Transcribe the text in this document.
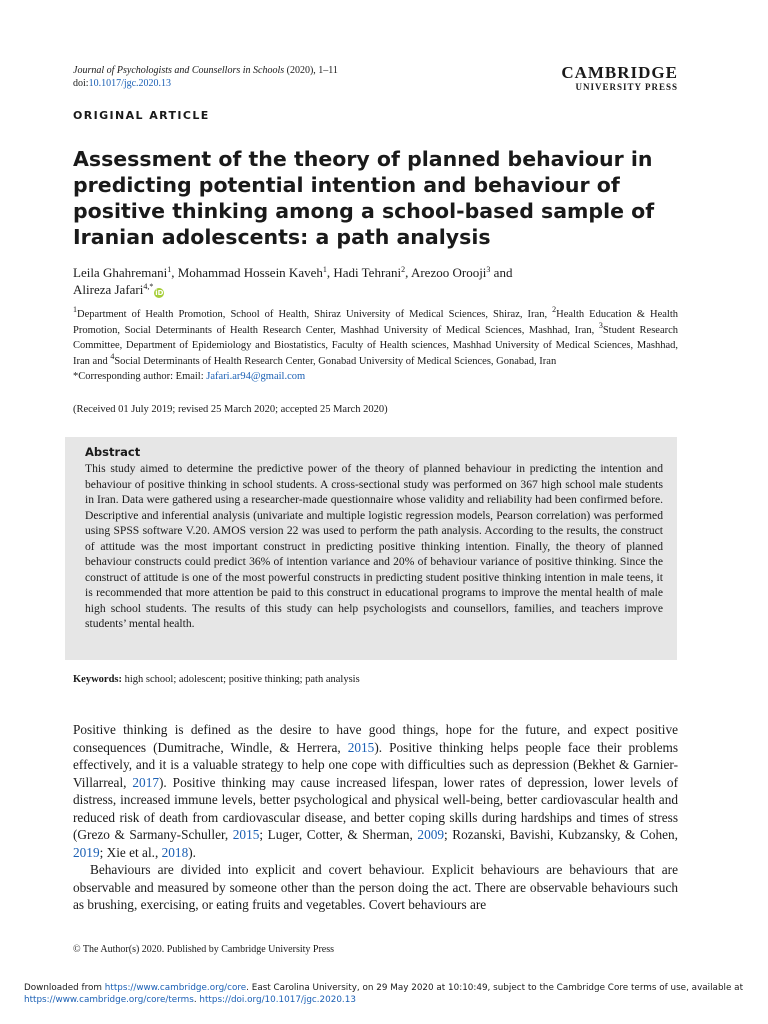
Journal of Psychologists and Counsellors in Schools (2020), 1–11
doi:10.1017/jgc.2020.13
CAMBRIDGE
UNIVERSITY PRESS
ORIGINAL ARTICLE
Assessment of the theory of planned behaviour in predicting potential intention and behaviour of positive thinking among a school-based sample of Iranian adolescents: a path analysis
Leila Ghahremani$^1$, Mohammad Hossein Kaveh$^1$, Hadi Tehrani$^2$, Arezoo Orooji$^3$ and
Alireza Jafari$^{4,*}$iD
$^1$Department of Health Promotion, School of Health, Shiraz University of Medical Sciences, Shiraz, Iran, $^2$Health Education & Health Promotion, Social Determinants of Health Research Center, Mashhad University of Medical Sciences, Mashhad, Iran, $^3$Student Research Committee, Department of Epidemiology and Biostatistics, Faculty of Health sciences, Mashhad University of Medical Sciences, Mashhad, Iran and $^4$Social Determinants of Health Research Center, Gonabad University of Medical Sciences, Gonabad, Iran
*Corresponding author: Email: Jafari.ar94@gmail.com
(Received 01 July 2019; revised 25 March 2020; accepted 25 March 2020)
Abstract
This study aimed to determine the predictive power of the theory of planned behaviour in predicting the intention and behaviour of positive thinking in school students. A cross-sectional study was performed on 367 high school male students in Iran. Data were gathered using a researcher-made questionnaire whose validity and reliability had been confirmed before. Descriptive and inferential analysis (univariate and multiple logistic regression models, Pearson correlation) was performed using SPSS software V.20. AMOS version 22 was used to perform the path analysis. According to the results, the construct of attitude was the most important construct in predicting positive thinking intention. Finally, the theory of planned behaviour constructs could predict 36% of intention variance and 20% of behaviour variance of positive thinking. Since the construct of attitude is one of the most powerful constructs in predicting student positive thinking intention in male teens, it is recommended that more attention be paid to this construct in educational programs to improve the mental health of male high school students. The results of this study can help psychologists and counsellors, families, and teachers improve students’ mental health.
Keywords: high school; adolescent; positive thinking; path analysis

Positive thinking is defined as the desire to have good things, hope for the future, and expect positive consequences (Dumitrache, Windle, & Herrera, 2015). Positive thinking helps people face their problems effectively, and it is a valuable strategy to help one cope with difficulties such as depression (Bekhet & Garnier-Villarreal, 2017). Positive thinking may cause increased lifespan, lower rates of depression, lower levels of distress, increased immune levels, better psychological and physical well-being, better cardiovascular health and reduced risk of death from cardiovascular disease, and better coping skills during hardships and times of stress (Grezo & Sarmany-Schuller, 2015; Luger, Cotter, & Sherman, 2009; Rozanski, Bavishi, Kubzansky, & Cohen, 2019; Xie et al., 2018).

Behaviours are divided into explicit and covert behaviour. Explicit behaviours are behaviours that are observable and measured by someone other than the person doing the act. There are observable behaviours such as brushing, exercising, or eating fruits and vegetables. Covert behaviours are

© The Author(s) 2020. Published by Cambridge University Press
Downloaded from https://www.cambridge.org/core. East Carolina University, on 29 May 2020 at 10:10:49, subject to the Cambridge Core terms of use, available at
https://www.cambridge.org/core/terms. https://doi.org/10.1017/jgc.2020.13
